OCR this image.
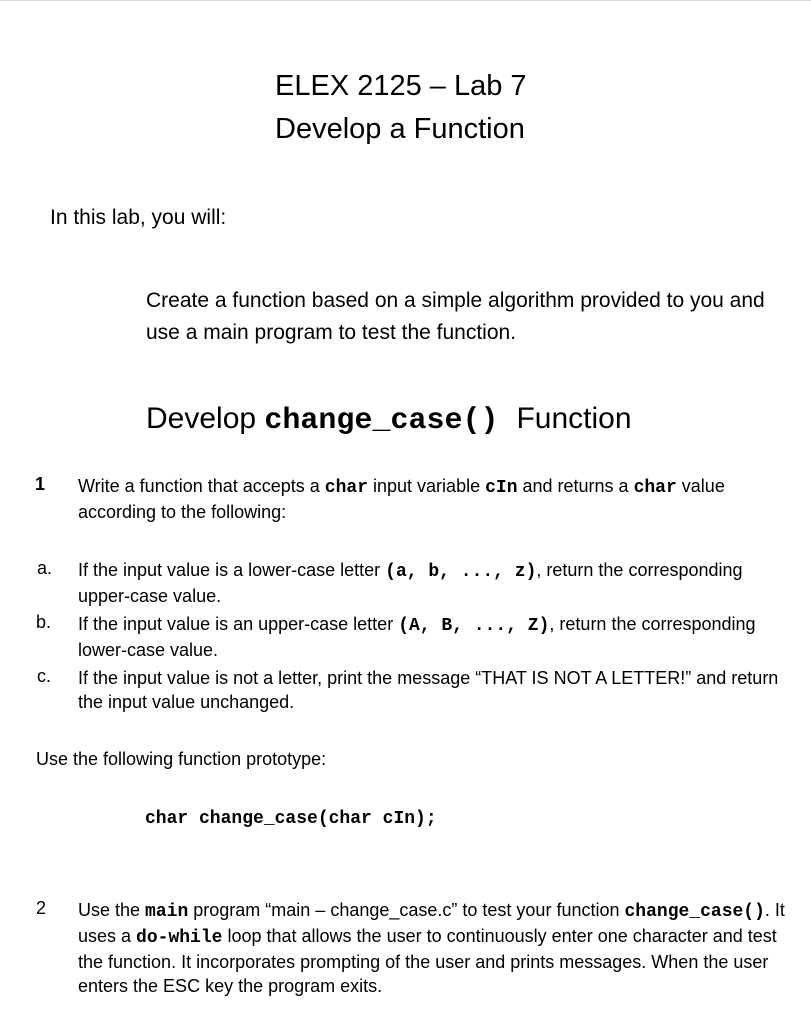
ELEX 2125 – Lab 7
Develop a Function
In this lab, you will:
Create a function based on a simple algorithm provided to you and use a main program to test the function.
Develop change_case() Function
1 Write a function that accepts a char input variable cIn and returns a char value according to the following:
a. If the input value is a lower-case letter (a, b, ..., z), return the corresponding upper-case value.
b. If the input value is an upper-case letter (A, B, ..., Z), return the corresponding lower-case value.
c. If the input value is not a letter, print the message “THAT IS NOT A LETTER!” and return the input value unchanged.
Use the following function prototype:
char change_case(char cIn);
2 Use the main program “main – change_case.c” to test your function change_case(). It uses a do-while loop that allows the user to continuously enter one character and test the function. It incorporates prompting of the user and prints messages. When the user enters the ESC key the program exits.
